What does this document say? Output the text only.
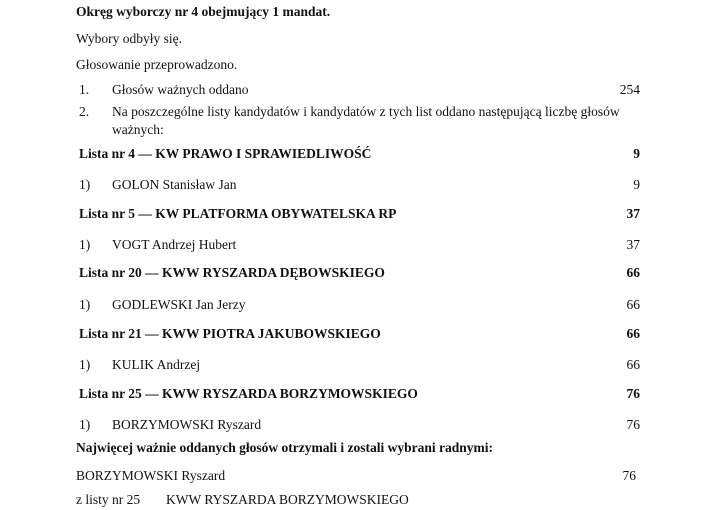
Okręg wyborczy nr 4 obejmujący 1 mandat.
Wybory odbyły się.
Głosowanie przeprowadzono.
1. Głosów ważnych oddano	254
2. Na poszczególne listy kandydatów i kandydatów z tych list oddano następującą liczbę głosów
ważnych:
Lista nr 4 — KW PRAWO I SPRAWIEDLIWOŚĆ	9
1) GOLON Stanisław Jan	9
Lista nr 5 — KW PLATFORMA OBYWATELSKA RP	37
1) VOGT Andrzej Hubert	37
Lista nr 20 — KWW RYSZARDA DĘBOWSKIEGO	66
1) GODLEWSKI Jan Jerzy	66
Lista nr 21 — KWW PIOTRA JAKUBOWSKIEGO	66
1) KULIK Andrzej	66
Lista nr 25 — KWW RYSZARDA BORZYMOWSKIEGO	76
1) BORZYMOWSKI Ryszard	76
Najwięcej ważnie oddanych głosów otrzymali i zostali wybrani radnymi:
BORZYMOWSKI Ryszard	76
z listy nr 25 KWW RYSZARDA BORZYMOWSKIEGO
